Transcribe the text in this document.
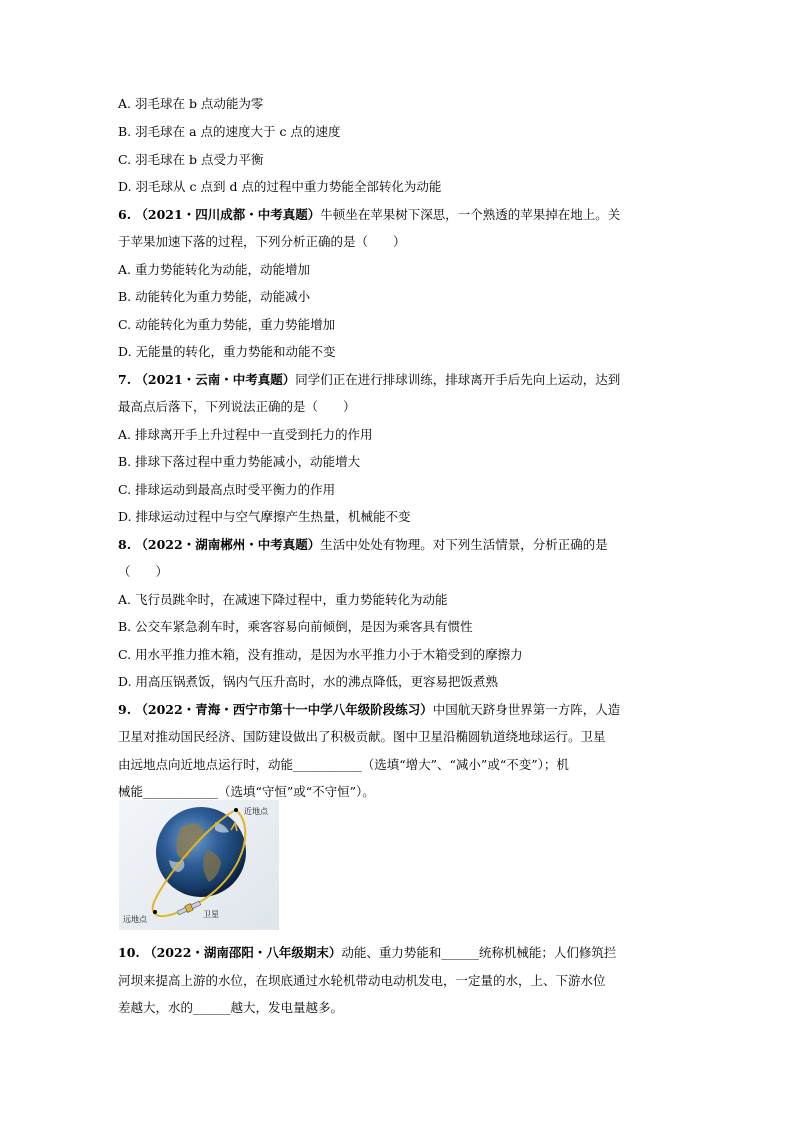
A. 羽毛球在 b 点动能为零
B. 羽毛球在 a 点的速度大于 c 点的速度
C. 羽毛球在 b 点受力平衡
D. 羽毛球从 c 点到 d 点的过程中重力势能全部转化为动能
6. （2021・四川成都・中考真题）牛顿坐在苹果树下深思，一个熟透的苹果掉在地上。关
于苹果加速下落的过程，下列分析正确的是（　　）
A. 重力势能转化为动能，动能增加
B. 动能转化为重力势能，动能减小
C. 动能转化为重力势能，重力势能增加
D. 无能量的转化，重力势能和动能不变
7. （2021・云南・中考真题）同学们正在进行排球训练，排球离开手后先向上运动，达到
最高点后落下，下列说法正确的是（　　）
A. 排球离开手上升过程中一直受到托力的作用
B. 排球下落过程中重力势能减小，动能增大
C. 排球运动到最高点时受平衡力的作用
D. 排球运动过程中与空气摩擦产生热量，机械能不变
8. （2022・湖南郴州・中考真题）生活中处处有物理。对下列生活情景，分析正确的是
（　　）
A. 飞行员跳伞时，在减速下降过程中，重力势能转化为动能
B. 公交车紧急刹车时，乘客容易向前倾倒，是因为乘客具有惯性
C. 用水平推力推木箱，没有推动，是因为水平推力小于木箱受到的摩擦力
D. 用高压锅煮饭，锅内气压升高时，水的沸点降低，更容易把饭煮熟
9. （2022・青海・西宁市第十一中学八年级阶段练习）中国航天跻身世界第一方阵，人造
卫星对推动国民经济、国防建设做出了积极贡献。图中卫星沿椭圆轨道绕地球运行。卫星
由远地点向近地点运行时，动能___________（选填“增大”、“减小”或“不变”）；机
械能____________（选填“守恒”或“不守恒”）。
近地点
远地点
卫星
10. （2022・湖南邵阳・八年级期末）动能、重力势能和______统称机械能；人们修筑拦
河坝来提高上游的水位，在坝底通过水轮机带动电动机发电，一定量的水，上、下游水位
差越大，水的______越大，发电量越多。
